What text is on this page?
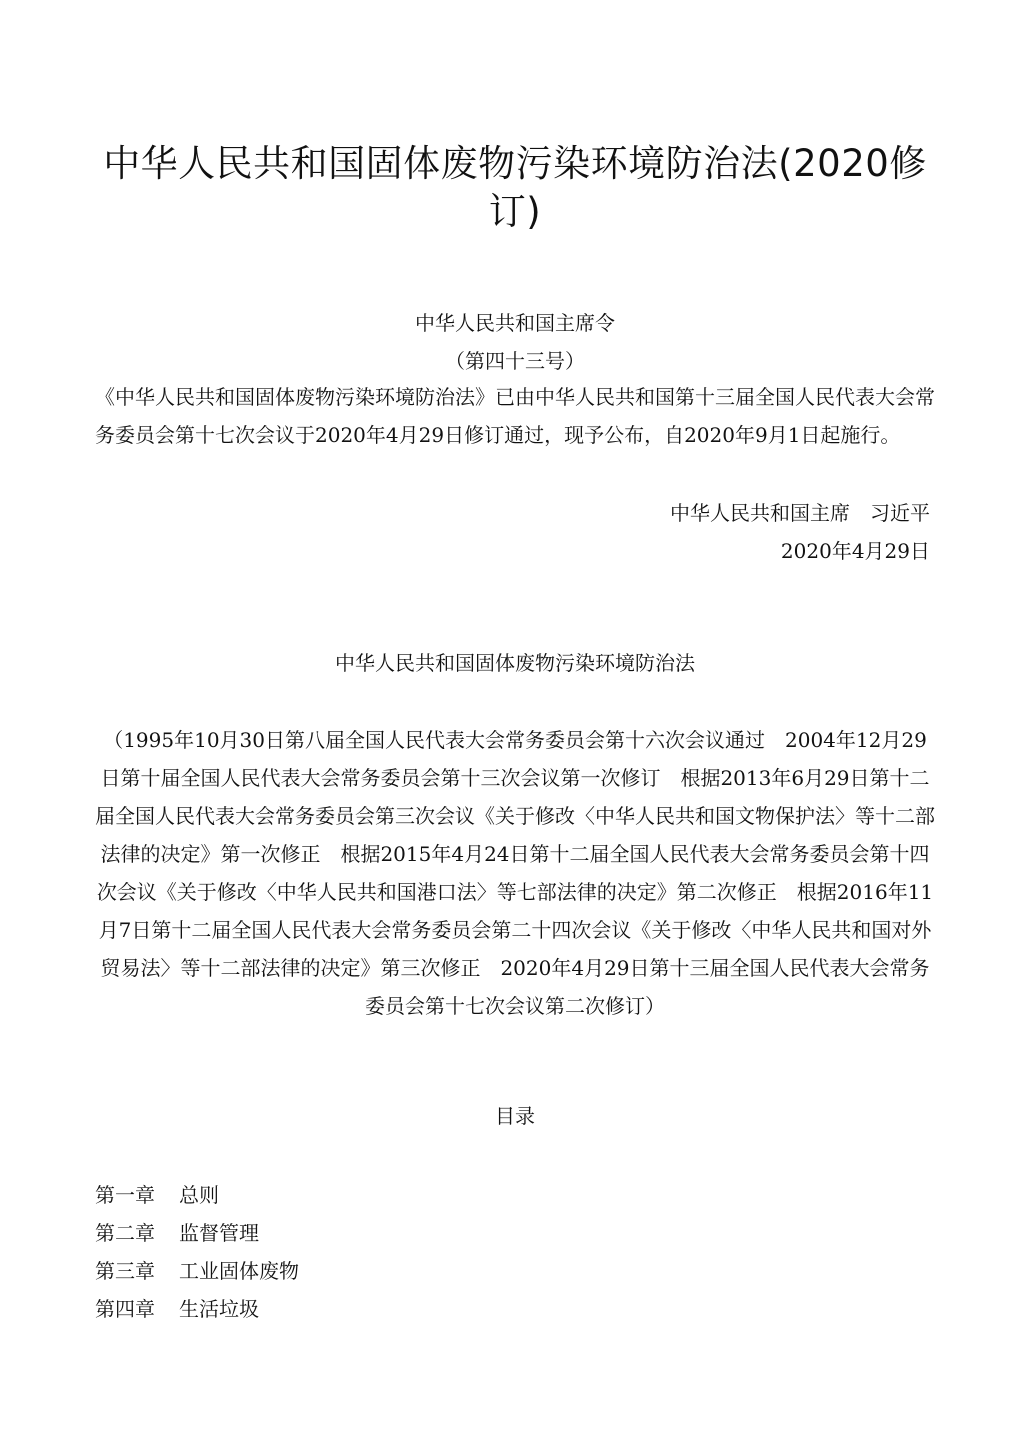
中华人民共和国固体废物污染环境防治法(2020修订)

中华人民共和国主席令

（第四十三号）

《中华人民共和国固体废物污染环境防治法》已由中华人民共和国第十三届全国人民代表大会常务委员会第十七次会议于2020年4月29日修订通过，现予公布，自2020年9月1日起施行。

中华人民共和国主席　习近平

2020年4月29日

中华人民共和国固体废物污染环境防治法

（1995年10月30日第八届全国人民代表大会常务委员会第十六次会议通过　2004年12月29日第十届全国人民代表大会常务委员会第十三次会议第一次修订　根据2013年6月29日第十二届全国人民代表大会常务委员会第三次会议《关于修改〈中华人民共和国文物保护法〉等十二部法律的决定》第一次修正　根据2015年4月24日第十二届全国人民代表大会常务委员会第十四次会议《关于修改〈中华人民共和国港口法〉等七部法律的决定》第二次修正　根据2016年11月7日第十二届全国人民代表大会常务委员会第二十四次会议《关于修改〈中华人民共和国对外贸易法〉等十二部法律的决定》第三次修正　2020年4月29日第十三届全国人民代表大会常务委员会第十七次会议第二次修订）

目录

第一章 总则
第二章 监督管理
第三章 工业固体废物
第四章 生活垃圾
